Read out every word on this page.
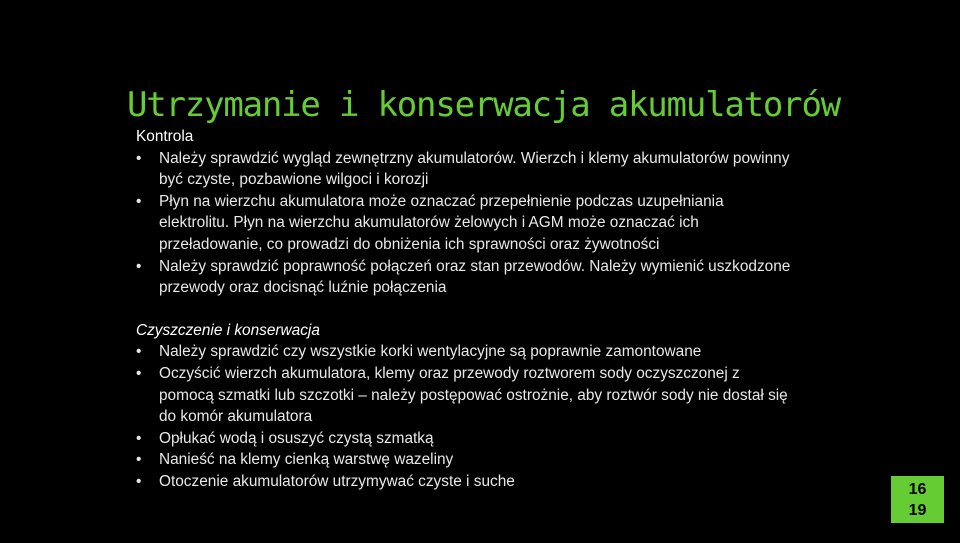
Utrzymanie i konserwacja akumulatorów

Kontrola

• Należy sprawdzić wygląd zewnętrzny akumulatorów. Wierzch i klemy akumulatorów powinny być czyste, pozbawione wilgoci i korozji
• Płyn na wierzchu akumulatora może oznaczać przepełnienie podczas uzupełniania elektrolitu. Płyn na wierzchu akumulatorów żelowych i AGM może oznaczać ich przeładowanie, co prowadzi do obniżenia ich sprawności oraz żywotności
• Należy sprawdzić poprawność połączeń oraz stan przewodów. Należy wymienić uszkodzone przewody oraz docisnąć luźnie połączenia

Czyszczenie i konserwacja

• Należy sprawdzić czy wszystkie korki wentylacyjne są poprawnie zamontowane
• Oczyścić wierzch akumulatora, klemy oraz przewody roztworem sody oczyszczonej z pomocą szmatki lub szczotki – należy postępować ostrożnie, aby roztwór sody nie dostał się do komór akumulatora
• Opłukać wodą i osuszyć czystą szmatką
• Nanieść na klemy cienką warstwę wazeliny
• Otoczenie akumulatorów utrzymywać czyste i suche	16
19
